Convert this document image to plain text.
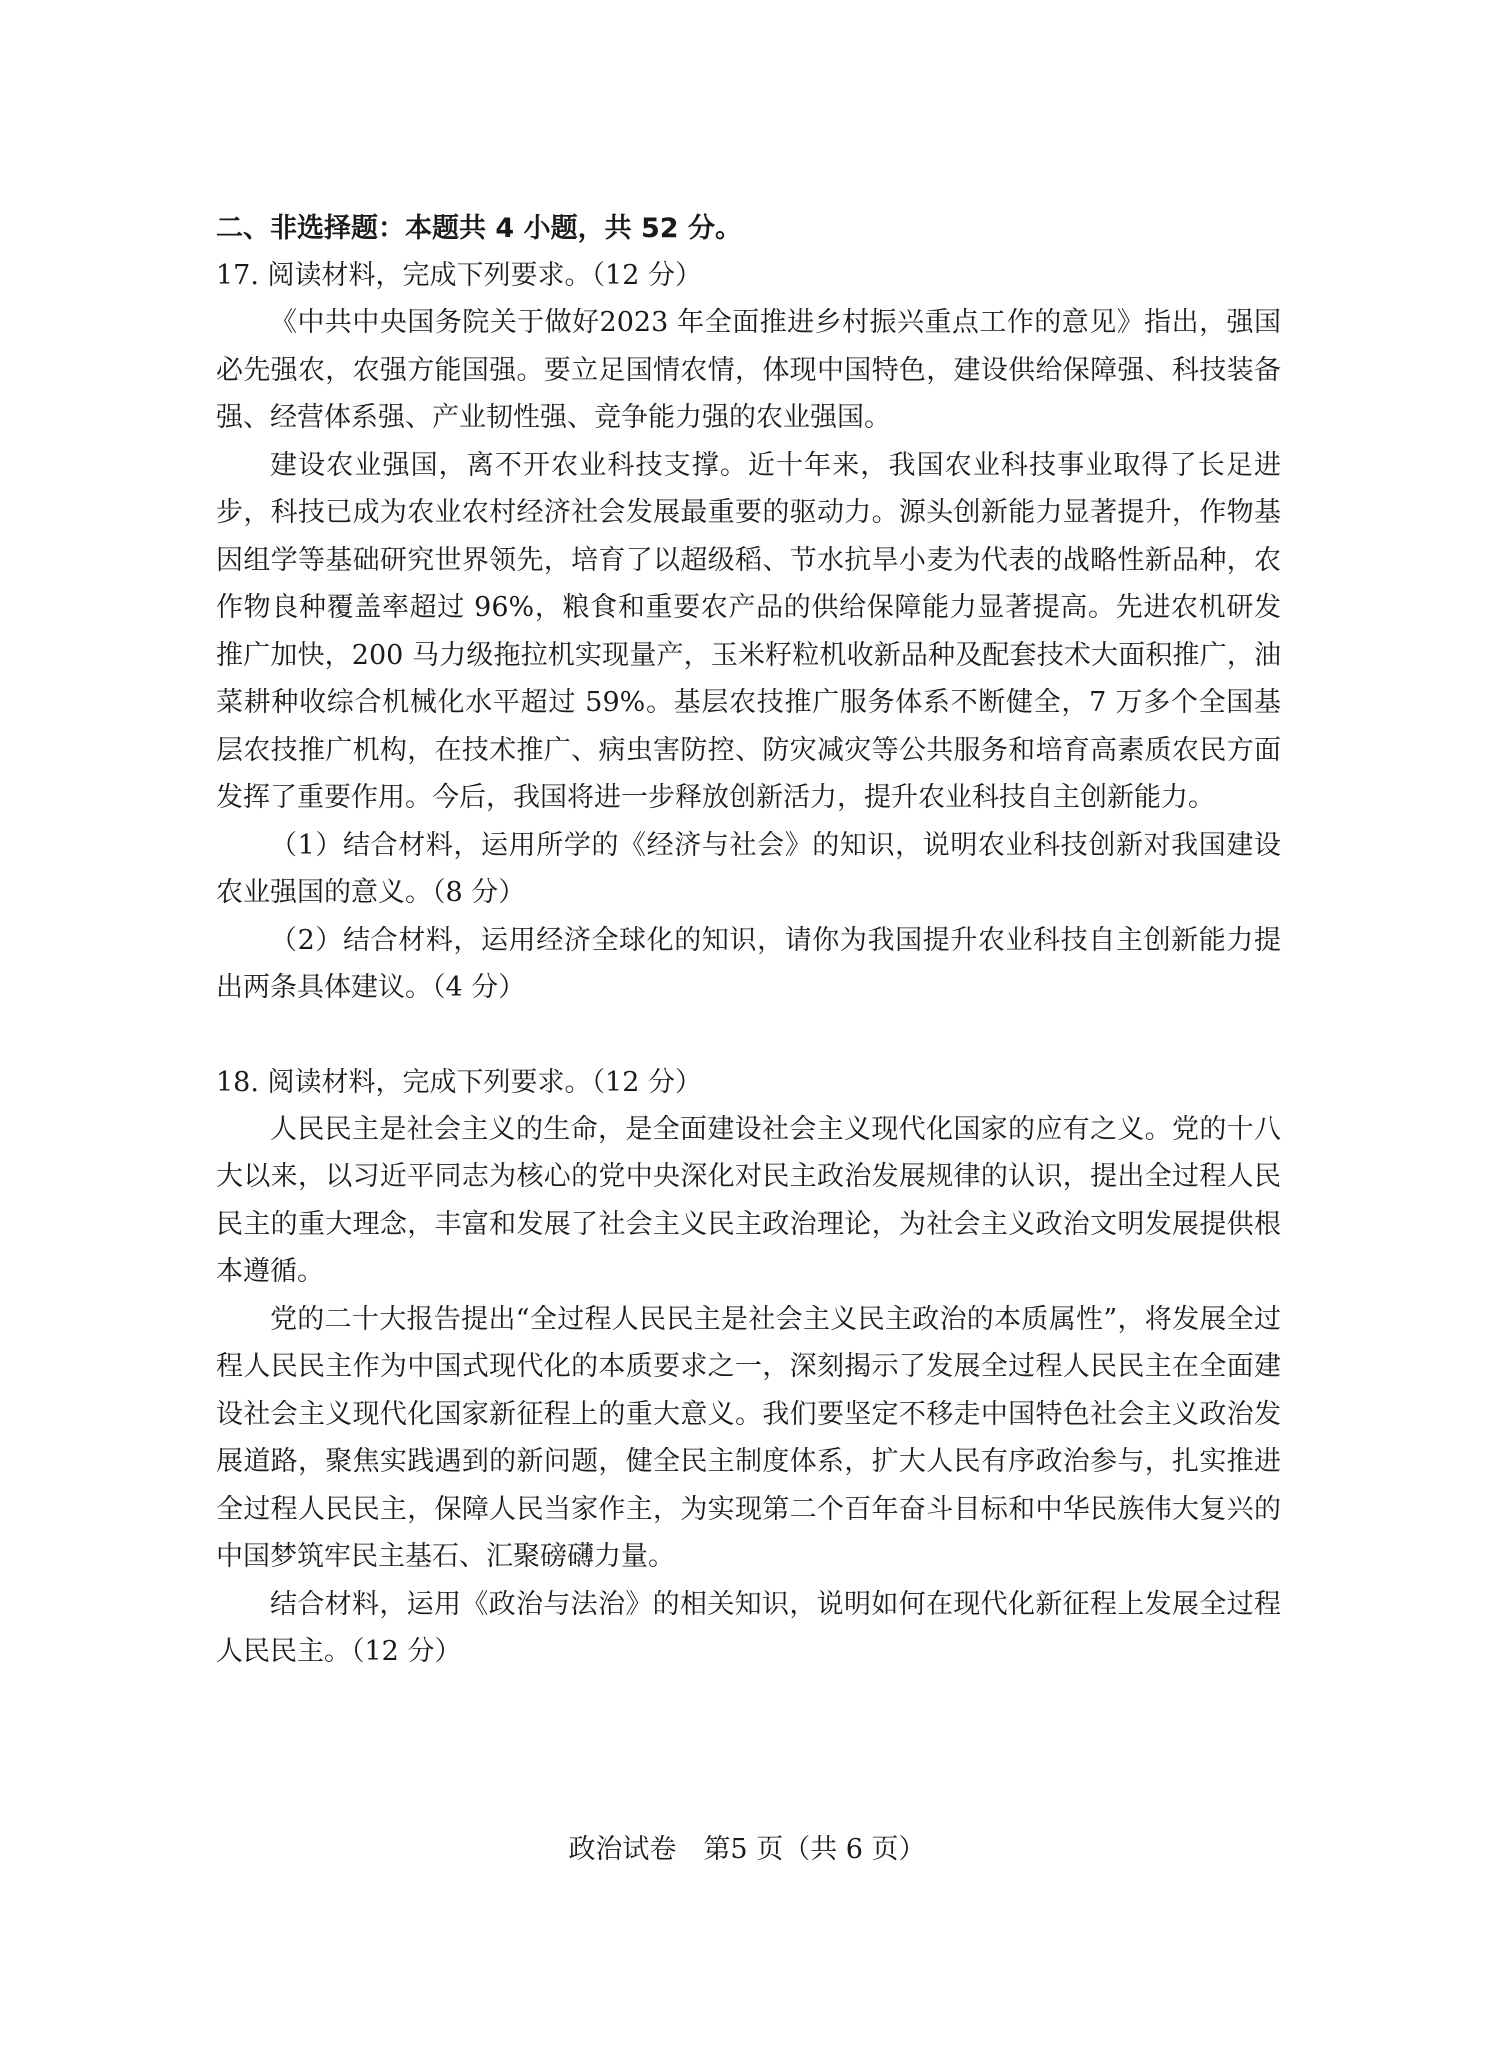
二、非选择题：本题共 4 小题，共 52 分。

17. 阅读材料，完成下列要求。（12 分）

《中共中央国务院关于做好2023 年全面推进乡村振兴重点工作的意见》指出，强国必先强农，农强方能国强。要立足国情农情，体现中国特色，建设供给保障强、科技装备强、经营体系强、产业韧性强、竞争能力强的农业强国。

建设农业强国，离不开农业科技支撑。近十年来，我国农业科技事业取得了长足进步，科技已成为农业农村经济社会发展最重要的驱动力。源头创新能力显著提升，作物基因组学等基础研究世界领先，培育了以超级稻、节水抗旱小麦为代表的战略性新品种，农作物良种覆盖率超过 96%，粮食和重要农产品的供给保障能力显著提高。先进农机研发推广加快，200 马力级拖拉机实现量产，玉米籽粒机收新品种及配套技术大面积推广，油菜耕种收综合机械化水平超过 59%。基层农技推广服务体系不断健全，7 万多个全国基层农技推广机构，在技术推广、病虫害防控、防灾减灾等公共服务和培育高素质农民方面发挥了重要作用。今后，我国将进一步释放创新活力，提升农业科技自主创新能力。

（1）结合材料，运用所学的《经济与社会》的知识，说明农业科技创新对我国建设农业强国的意义。（8 分）

（2）结合材料，运用经济全球化的知识，请你为我国提升农业科技自主创新能力提出两条具体建议。（4 分）

18. 阅读材料，完成下列要求。（12 分）

人民民主是社会主义的生命，是全面建设社会主义现代化国家的应有之义。党的十八大以来，以习近平同志为核心的党中央深化对民主政治发展规律的认识，提出全过程人民民主的重大理念，丰富和发展了社会主义民主政治理论，为社会主义政治文明发展提供根本遵循。

党的二十大报告提出“全过程人民民主是社会主义民主政治的本质属性”，将发展全过程人民民主作为中国式现代化的本质要求之一，深刻揭示了发展全过程人民民主在全面建设社会主义现代化国家新征程上的重大意义。我们要坚定不移走中国特色社会主义政治发展道路，聚焦实践遇到的新问题，健全民主制度体系，扩大人民有序政治参与，扎实推进全过程人民民主，保障人民当家作主，为实现第二个百年奋斗目标和中华民族伟大复兴的中国梦筑牢民主基石、汇聚磅礴力量。

结合材料，运用《政治与法治》的相关知识，说明如何在现代化新征程上发展全过程人民民主。（12 分）

政治试卷　第5 页（共 6 页）
